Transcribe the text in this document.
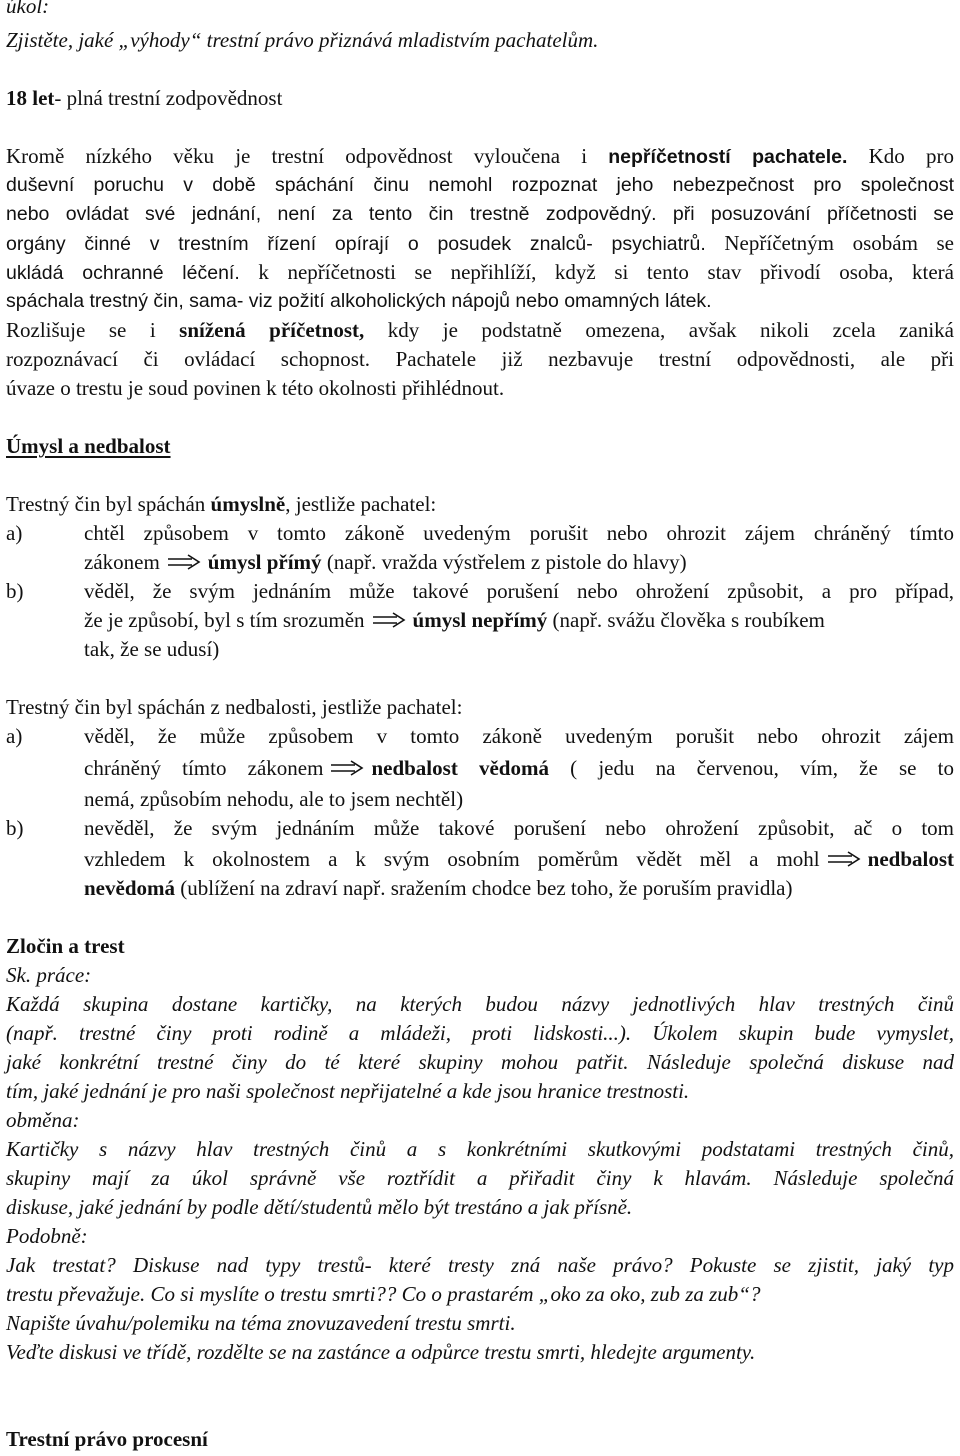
úkol:
Zjistěte, jaké „výhody“ trestní právo přiznává mladistvím pachatelům.
18 let- plná trestní zodpovědnost
Kromě nízkého věku je trestní odpovědnost vyloučena i nepříčetností pachatele. Kdo pro
duševní poruchu v době spáchání činu nemohl rozpoznat jeho nebezpečnost pro společnost
nebo ovládat své jednání, není za tento čin trestně zodpovědný. při posuzování příčetnosti se
orgány činné v trestním řízení opírají o posudek znalců- psychiatrů. Nepříčetným osobám se
ukládá ochranné léčení. k nepříčetnosti se nepřihlíží, když si tento stav přivodí osoba, která
spáchala trestný čin, sama- viz požití alkoholických nápojů nebo omamných látek.
Rozlišuje se i snížená příčetnost, kdy je podstatně omezena, avšak nikoli zcela zaniká
rozpoznávací či ovládací schopnost. Pachatele již nezbavuje trestní odpovědnosti, ale při
úvaze o trestu je soud povinen k této okolnosti přihlédnout.
Úmysl a nedbalost
Trestný čin byl spáchán úmyslně, jestliže pachatel:
a)	chtěl způsobem v tomto zákoně uvedeným porušit nebo ohrozit zájem chráněný tímto
zákonem úmysl přímý (např. vražda výstřelem z pistole do hlavy)
b)	věděl, že svým jednáním může takové porušení nebo ohrožení způsobit, a pro případ,
že je způsobí, byl s tím srozuměn úmysl nepřímý (např. svážu člověka s roubíkem
tak, že se udusí)
Trestný čin byl spáchán z nedbalosti, jestliže pachatel:
a)	věděl, že může způsobem v tomto zákoně uvedeným porušit nebo ohrozit zájem
chráněný tímto zákonem nedbalost vědomá ( jedu na červenou, vím, že se to
nemá, způsobím nehodu, ale to jsem nechtěl)
b)	nevěděl, že svým jednáním může takové porušení nebo ohrožení způsobit, ač o tom
vzhledem k okolnostem a k svým osobním poměrům vědět měl a mohl nedbalost
nevědomá (ublížení na zdraví např. sražením chodce bez toho, že poruším pravidla)
Zločin a trest
Sk. práce:
Každá skupina dostane kartičky, na kterých budou názvy jednotlivých hlav trestných činů
(např. trestné činy proti rodině a mládeži, proti lidskosti...). Úkolem skupin bude vymyslet,
jaké konkrétní trestné činy do té které skupiny mohou patřit. Následuje společná diskuse nad
tím, jaké jednání je pro naši společnost nepřijatelné a kde jsou hranice trestnosti.
obměna:
Kartičky s názvy hlav trestných činů a s konkrétními skutkovými podstatami trestných činů,
skupiny mají za úkol správně vše roztřídit a přiřadit činy k hlavám. Následuje společná
diskuse, jaké jednání by podle dětí/studentů mělo být trestáno a jak přísně.
Podobně:
Jak trestat? Diskuse nad typy trestů- které tresty zná naše právo? Pokuste se zjistit, jaký typ
trestu převažuje. Co si myslíte o trestu smrti?? Co o prastarém „oko za oko, zub za zub“?
Napište úvahu/polemiku na téma znovuzavedení trestu smrti.
Veďte diskusi ve třídě, rozdělte se na zastánce a odpůrce trestu smrti, hledejte argumenty.
Trestní právo procesní
